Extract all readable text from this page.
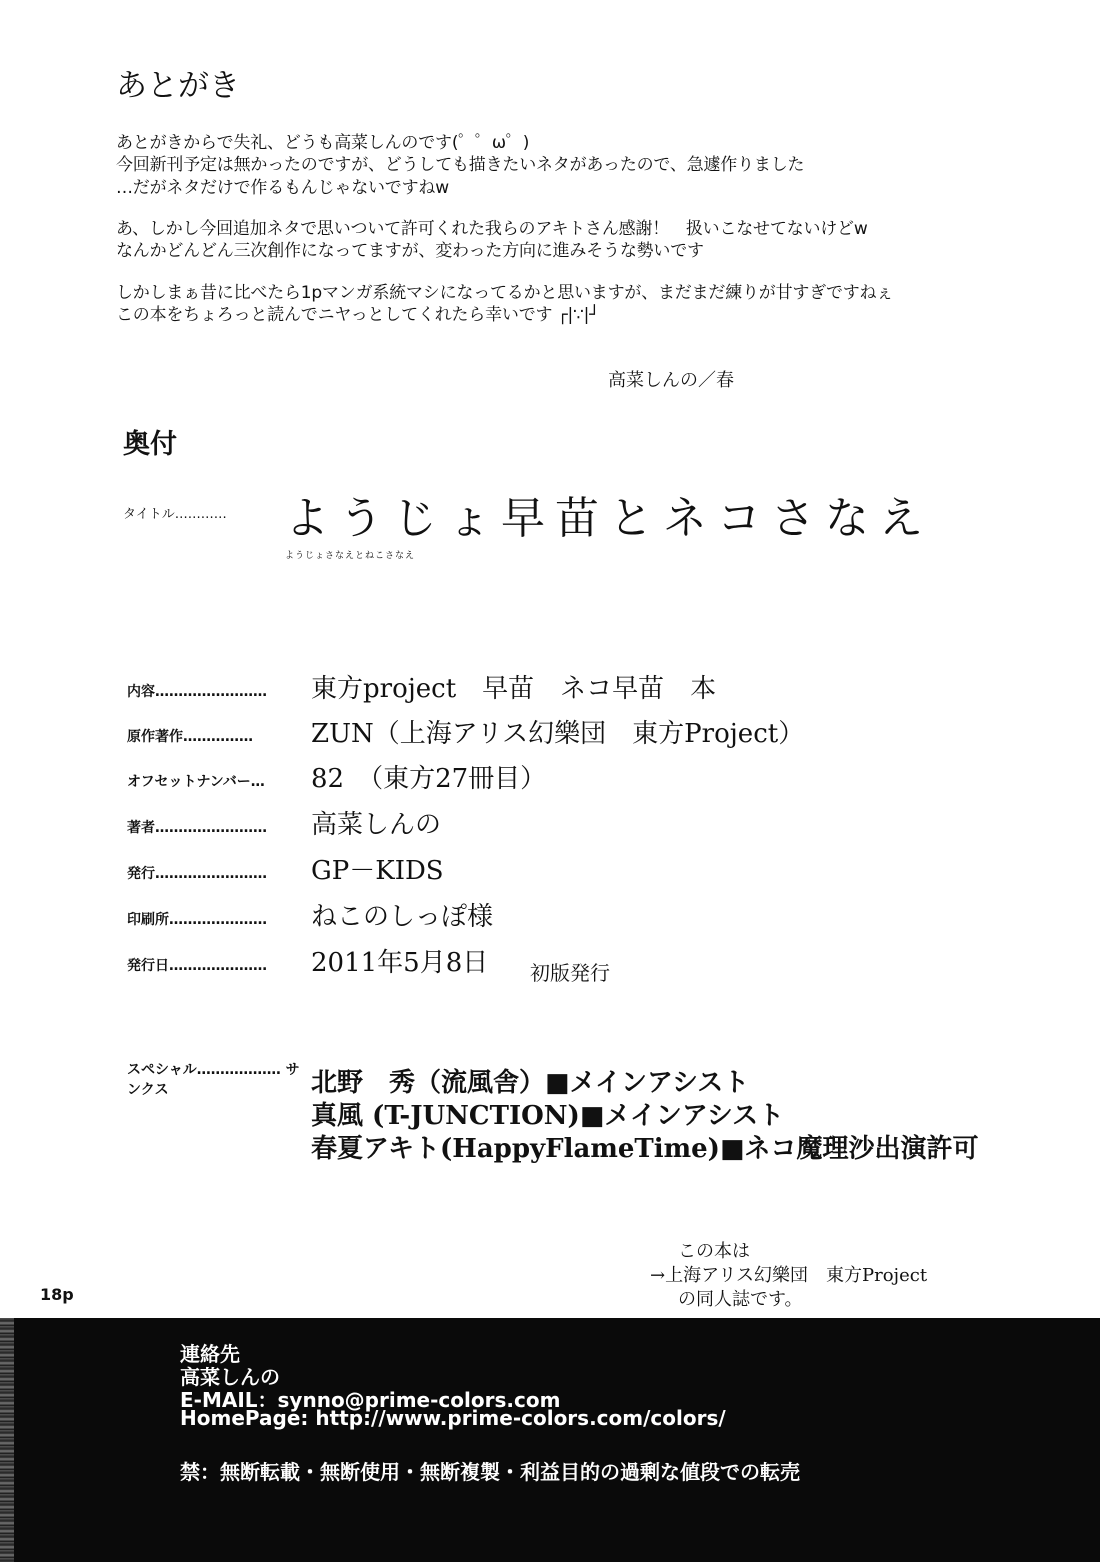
あとがき
あとがきからで失礼、どうも高菜しんのです(゜゜ω゜)
今回新刊予定は無かったのですが、どうしても描きたいネタがあったので、急遽作りました
…だがネタだけで作るもんじゃないですねw
あ、しかし今回追加ネタで思いついて許可くれた我らのアキトさん感謝！　扱いこなせてないけどw
なんかどんどん三次創作になってますが、変わった方向に進みそうな勢いです
しかしまぁ昔に比べたら1pマンガ系統マシになってるかと思いますが、まだまだ練りが甘すぎですねぇ
この本をちょろっと読んでニヤっとしてくれたら幸いです ┌|∵|┘
高菜しんの／春
奥付
タイトル………… ようじょ早苗とネコさなえ
ようじょさなえとねこさなえ
内容…………………… 東方project　早苗　ネコ早苗　本
原作著作…………… ZUN（上海アリス幻樂団　東方Project）
オフセットナンバー… 82　（東方27冊目）
著者…………………… 高菜しんの
発行…………………… GP－KIDS
印刷所………………… ねこのしっぽ様
発行日………………… 2011年5月8日 初版発行
スペシャル……………… サンクス	北野　秀（流風舎）■メインアシスト
真風 (T-JUNCTION)■メインアシスト
春夏アキト(HappyFlameTime)■ネコ魔理沙出演許可
この本は
→上海アリス幻樂団　東方Project
の同人誌です。
18p
連絡先
高菜しんの
E-MAIL：synno@prime-colors.com
HomePage: http://www.prime-colors.com/colors/
禁：無断転載・無断使用・無断複製・利益目的の過剰な値段での転売
